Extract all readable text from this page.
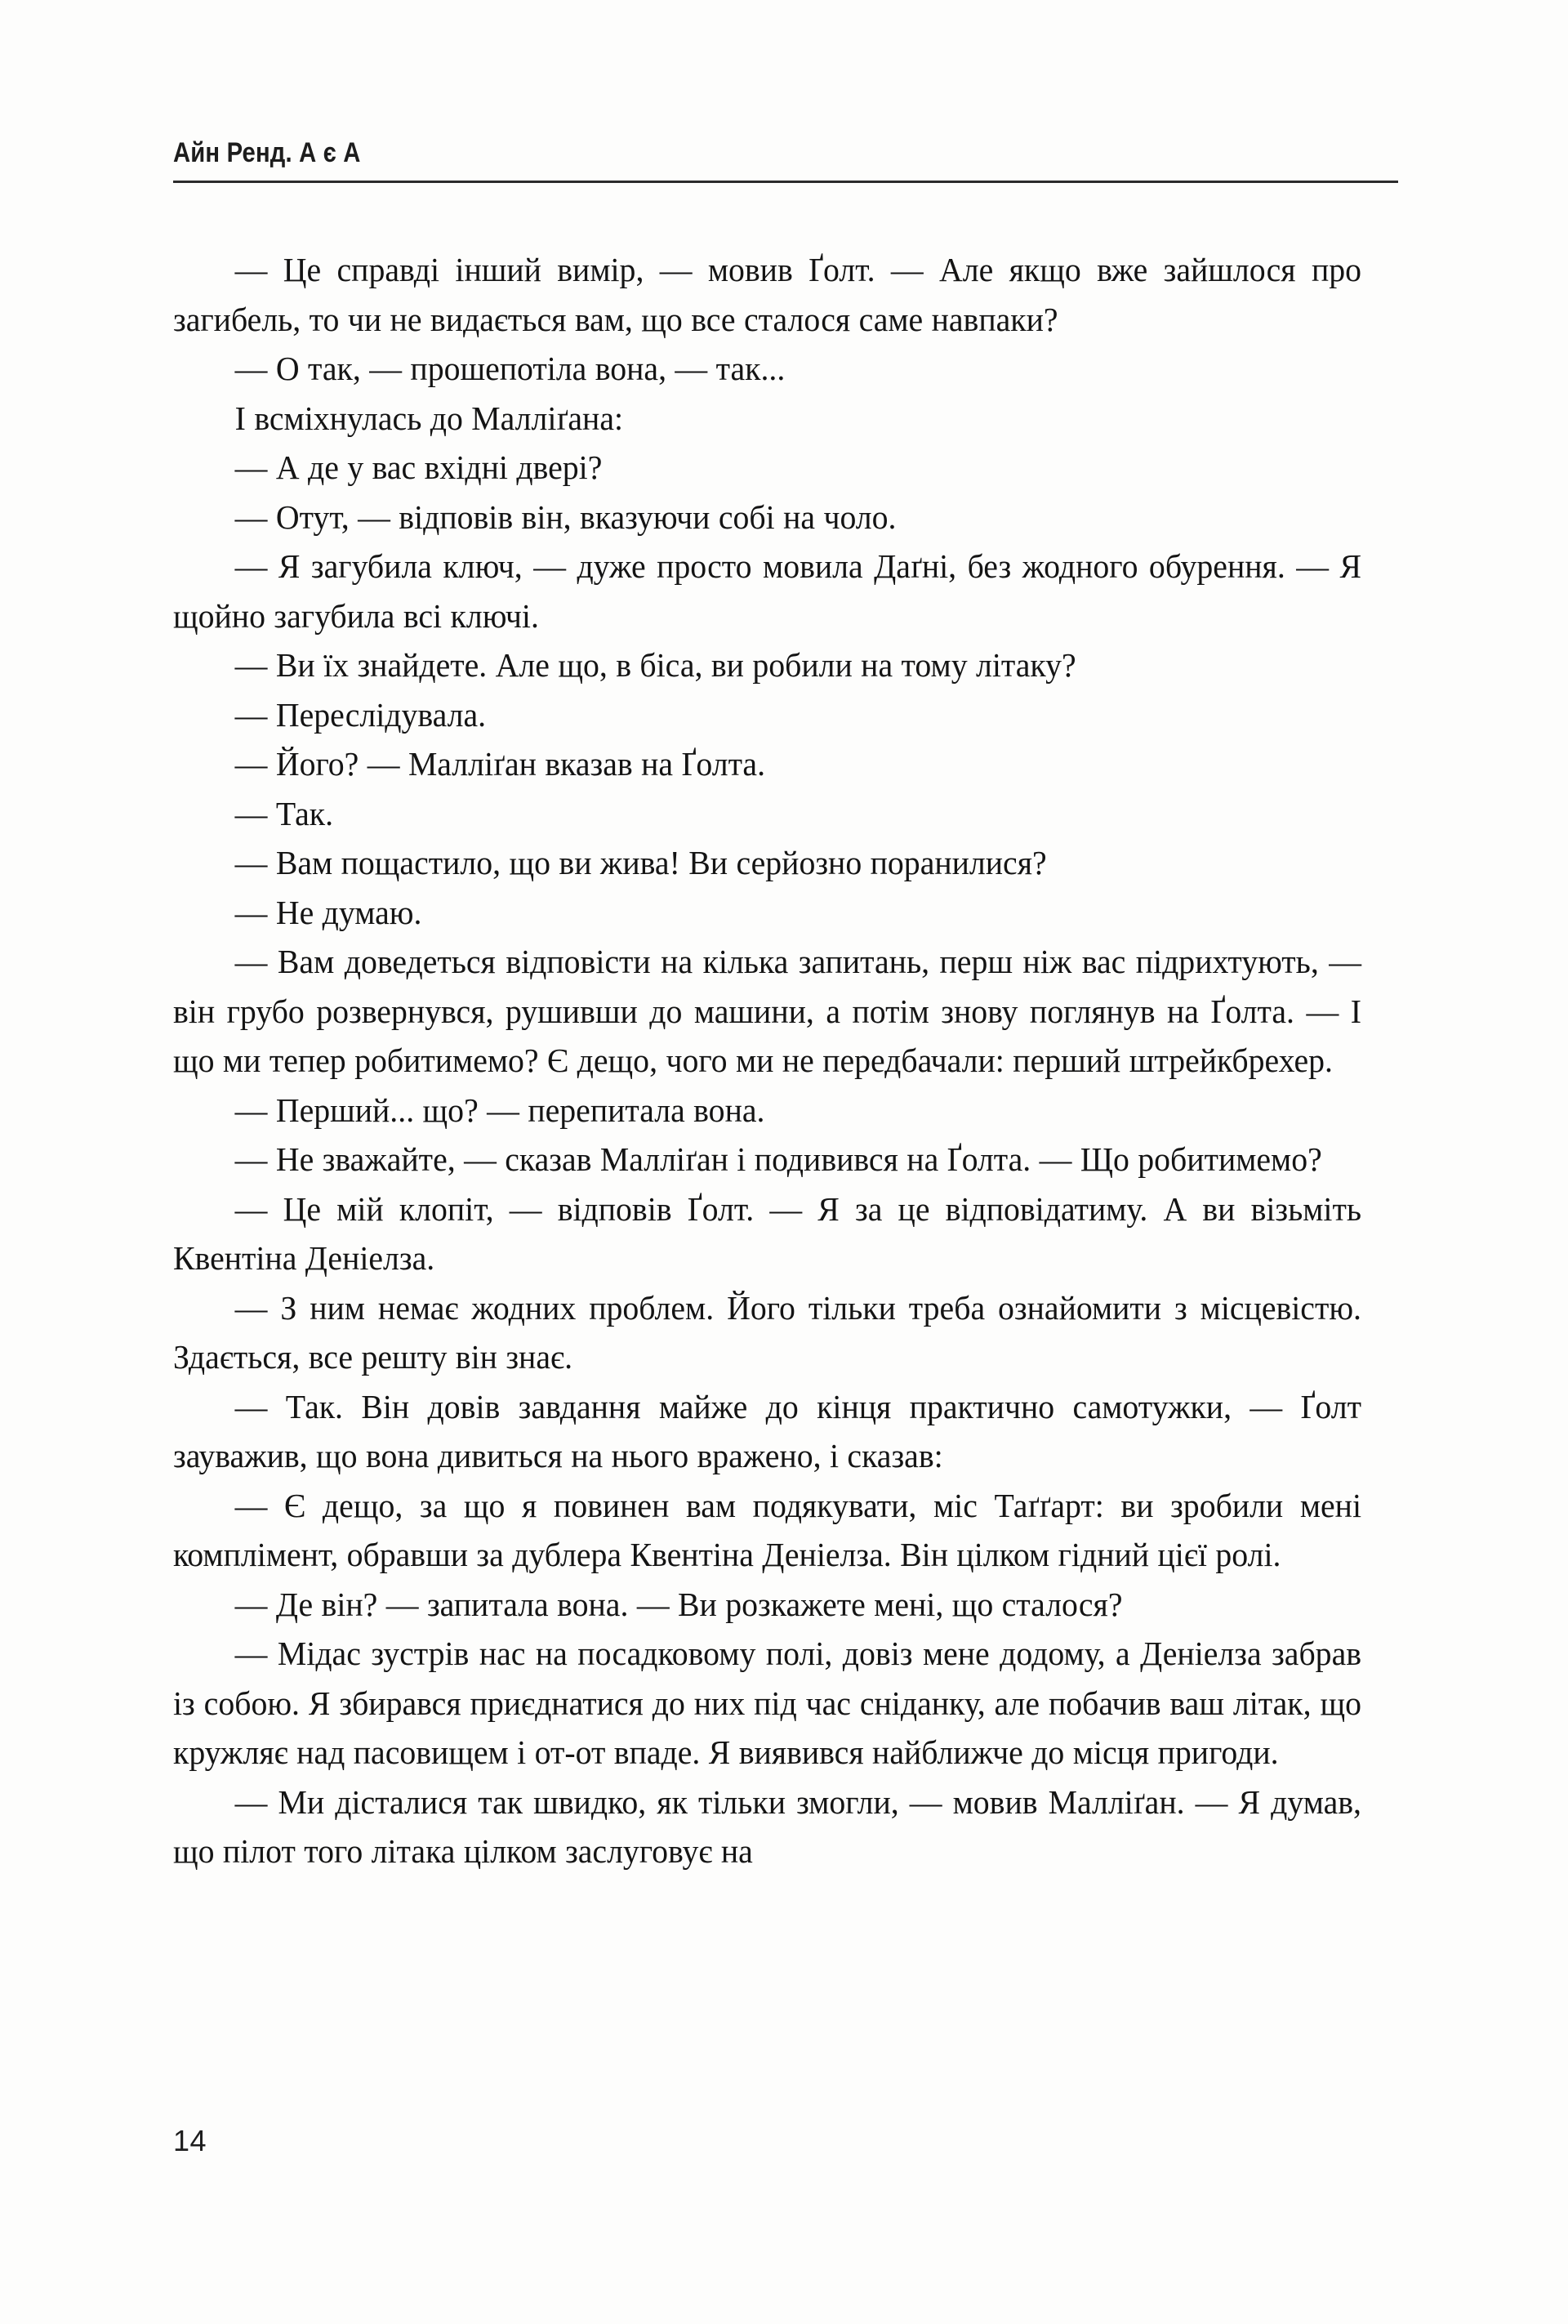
Айн Ренд. А є А

— Це справді інший вимір, — мовив Ґолт. — Але якщо вже зайшлося про загибель, то чи не видається вам, що все сталося саме навпаки?

— О так, — прошепотіла вона, — так...

І всміхнулась до Малліґана:

— А де у вас вхідні двері?

— Отут, — відповів він, вказуючи собі на чоло.

— Я загубила ключ, — дуже просто мовила Даґні, без жодного обурення. — Я щойно загубила всі ключі.

— Ви їх знайдете. Але що, в біса, ви робили на тому літаку?

— Переслідувала.

— Його? — Малліґан вказав на Ґолта.

— Так.

— Вам пощастило, що ви жива! Ви серйозно поранилися?

— Не думаю.

— Вам доведеться відповісти на кілька запитань, перш ніж вас підрихтують, — він грубо розвернувся, рушивши до машини, а потім знову поглянув на Ґолта. — І що ми тепер робитимемо? Є дещо, чого ми не передбачали: перший штрейкбрехер.

— Перший... що? — перепитала вона.

— Не зважайте, — сказав Малліґан і подивився на Ґолта. — Що робитимемо?

— Це мій клопіт, — відповів Ґолт. — Я за це відповідатиму. А ви візьміть Квентіна Деніелза.

— З ним немає жодних проблем. Його тільки треба ознайомити з місцевістю. Здається, все решту він знає.

— Так. Він довів завдання майже до кінця практично самотужки, — Ґолт зауважив, що вона дивиться на нього враженo, і сказав:

— Є дещо, за що я повинен вам подякувати, міс Таґґарт: ви зробили мені комплімент, обравши за дублера Квентіна Деніелза. Він цілком гідний цієї ролі.

— Де він? — запитала вона. — Ви розкажете мені, що сталося?

— Мідас зустрів нас на посадковому полі, довіз мене додому, а Деніелза забрав із собою. Я збирався приєднатися до них під час сніданку, але побачив ваш літак, що кружляє над пасовищем і от-от впаде. Я виявився найближче до місця пригоди.

— Ми дісталися так швидко, як тільки змогли, — мовив Малліґан. — Я думав, що пілот того літака цілком заслуговує на

14
